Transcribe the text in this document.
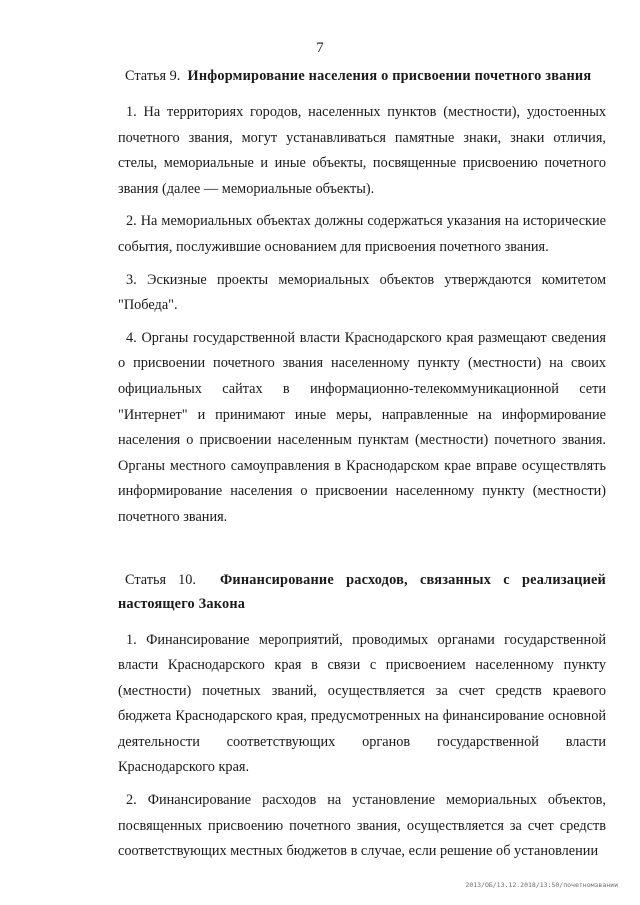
7
Статья 9. Информирование населения о присвоении почетного звания

1. На территориях городов, населенных пунктов (местности), удостоенных почетного звания, могут устанавливаться памятные знаки, знаки отличия, стелы, мемориальные и иные объекты, посвященные присвоению почетного звания (далее — мемориальные объекты).

2. На мемориальных объектах должны содержаться указания на исторические события, послужившие основанием для присвоения почетного звания.

3. Эскизные проекты мемориальных объектов утверждаются комитетом "Победа".

4. Органы государственной власти Краснодарского края размещают сведения о присвоении почетного звания населенному пункту (местности) на своих официальных сайтах в информационно-телекоммуникационной сети "Интернет" и принимают иные меры, направленные на информирование населения о присвоении населенным пунктам (местности) почетного звания. Органы местного самоуправления в Краснодарском крае вправе осуществлять информирование населения о присвоении населенному пункту (местности) почетного звания.

Статья 10. Финансирование расходов, связанных с реализацией настоящего Закона

1. Финансирование мероприятий, проводимых органами государственной власти Краснодарского края в связи с присвоением населенному пункту (местности) почетных званий, осуществляется за счет средств краевого бюджета Краснодарского края, предусмотренных на финансирование основной деятельности соответствующих органов государственной власти Краснодарского края.

2. Финансирование расходов на установление мемориальных объектов, посвященных присвоению почетного звания, осуществляется за счет средств соответствующих местных бюджетов в случае, если решение об установлении

2013/ОБ/13.12.2018/13:50/почетномзвании
